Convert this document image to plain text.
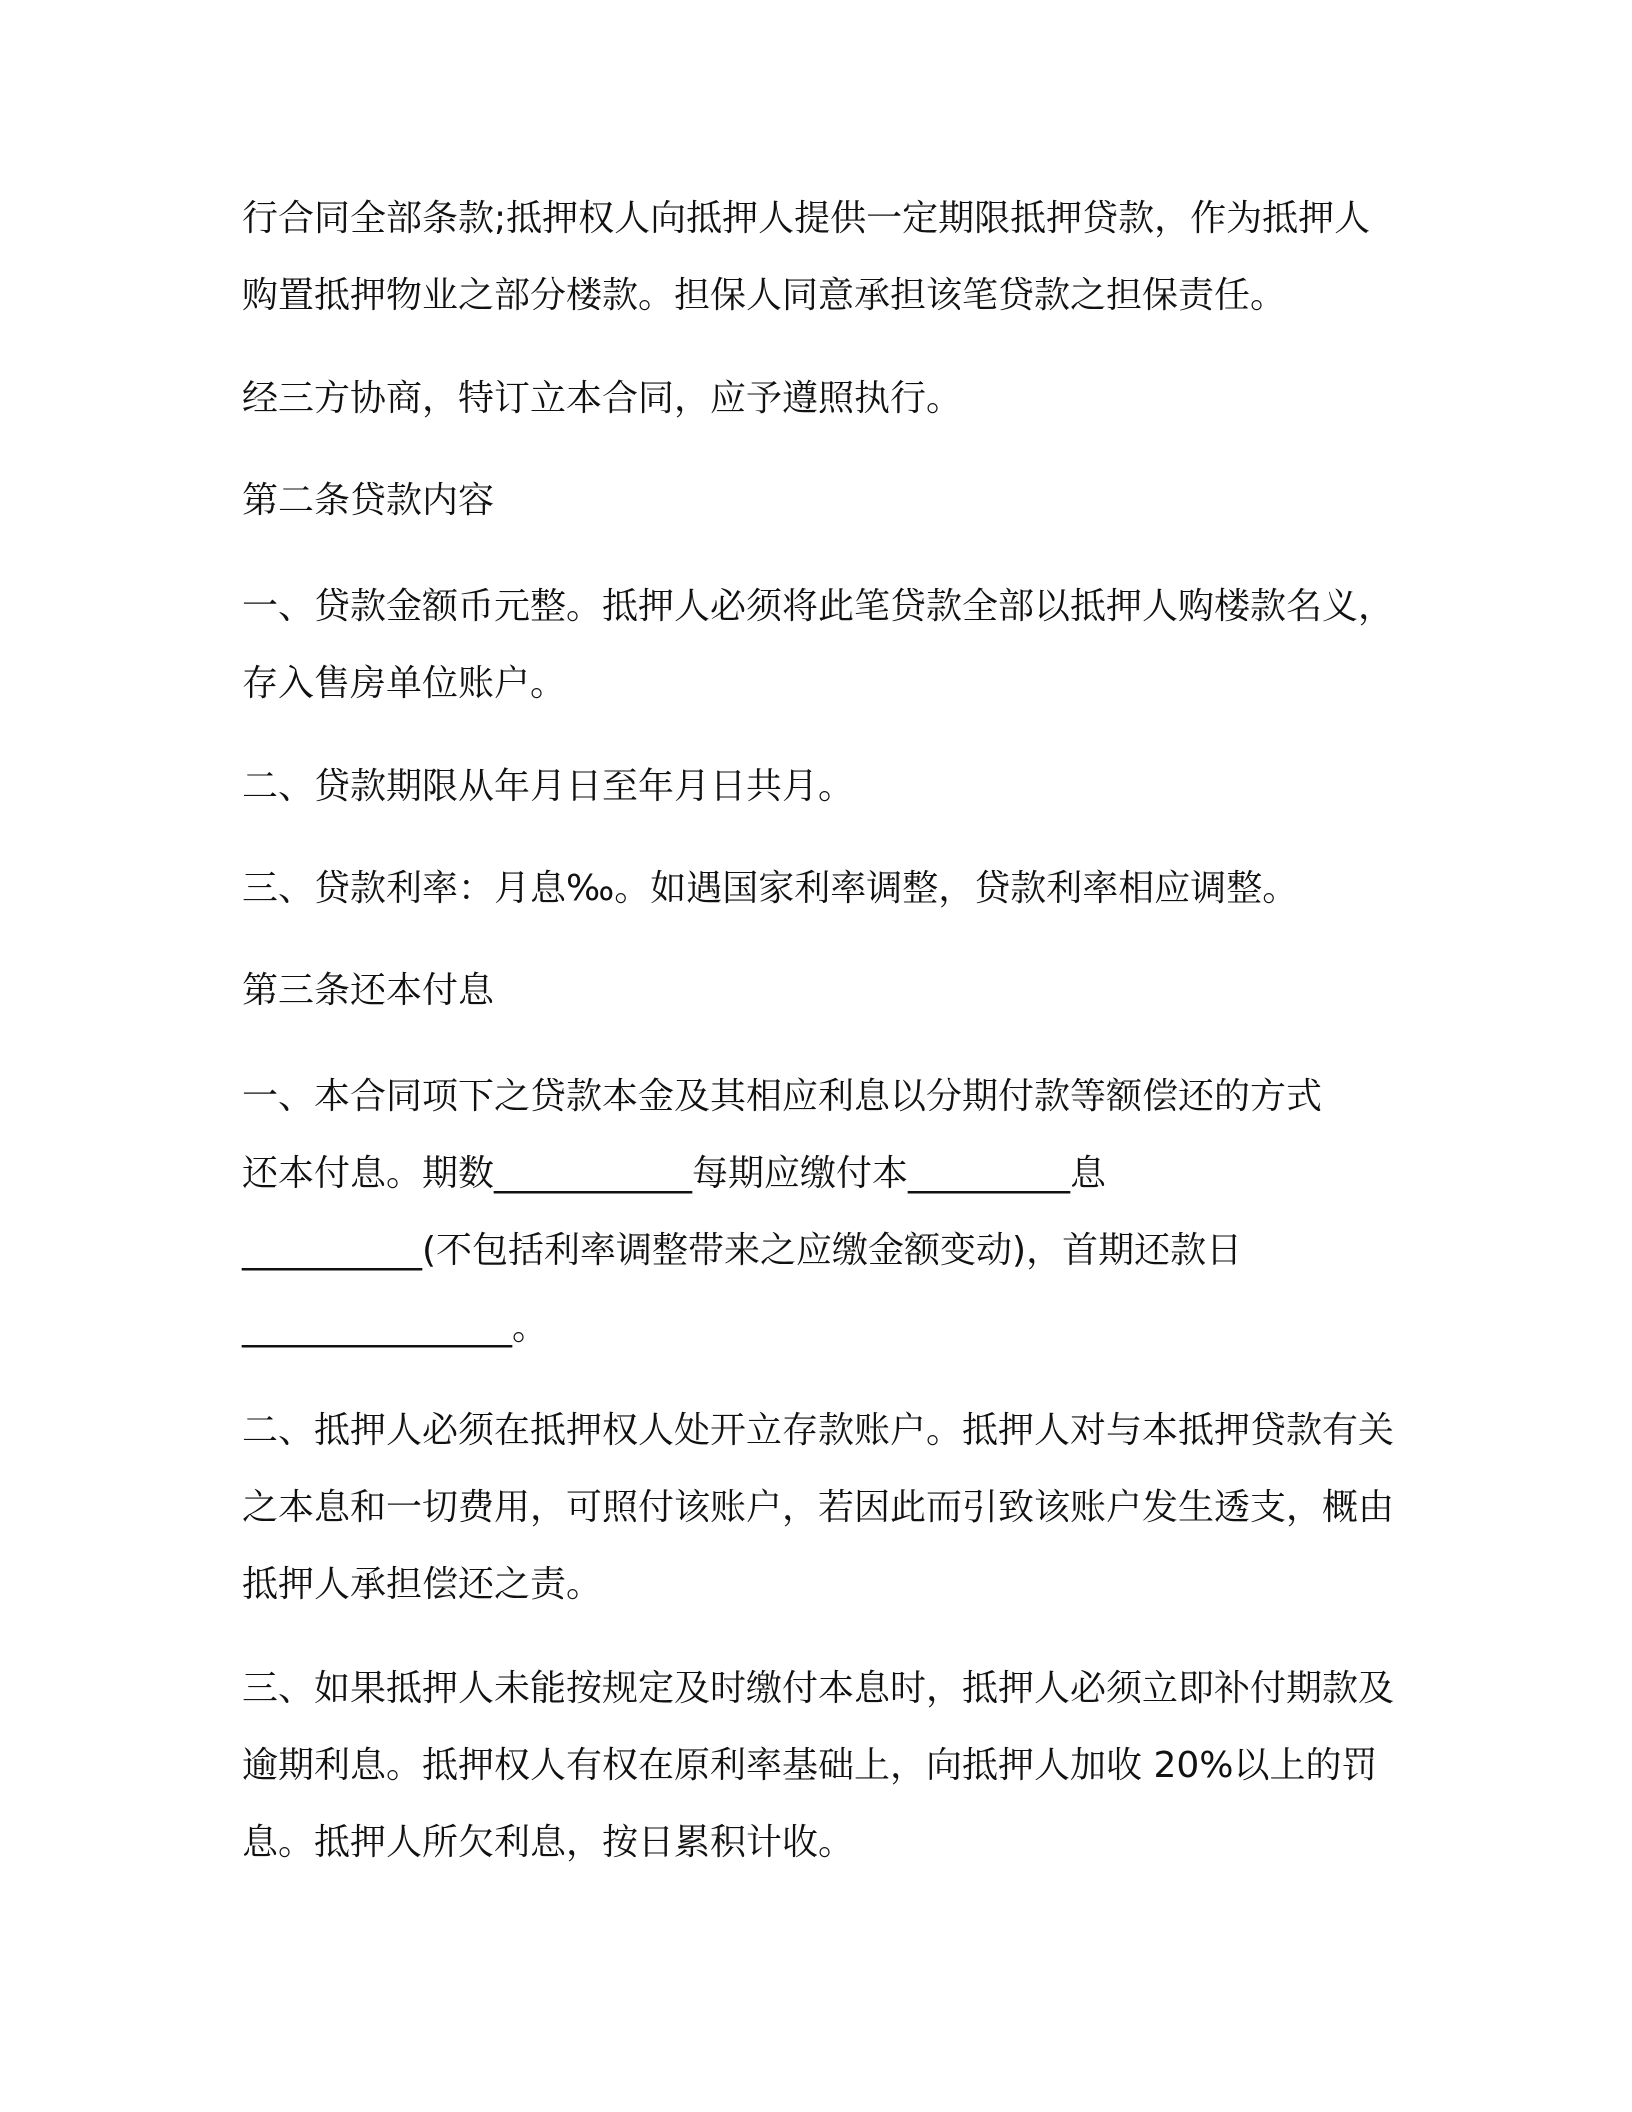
行合同全部条款;抵押权人向抵押人提供一定期限抵押贷款，作为抵押人购置抵押物业之部分楼款。担保人同意承担该笔贷款之担保责任。

经三方协商，特订立本合同，应予遵照执行。

第二条贷款内容

一、贷款金额币元整。抵押人必须将此笔贷款全部以抵押人购楼款名义，存入售房单位账户。

二、贷款期限从年月日至年月日共月。

三、贷款利率：月息‰。如遇国家利率调整，贷款利率相应调整。

第三条还本付息

一、本合同项下之贷款本金及其相应利息以分期付款等额偿还的方式
还本付息。期数___________每期应缴付本_________息
__________(不包括利率调整带来之应缴金额变动)，首期还款日
_______________。

二、抵押人必须在抵押权人处开立存款账户。抵押人对与本抵押贷款有关之本息和一切费用，可照付该账户，若因此而引致该账户发生透支，概由抵押人承担偿还之责。

三、如果抵押人未能按规定及时缴付本息时，抵押人必须立即补付期款及逾期利息。抵押权人有权在原利率基础上，向抵押人加收 20%以上的罚息。抵押人所欠利息，按日累积计收。
